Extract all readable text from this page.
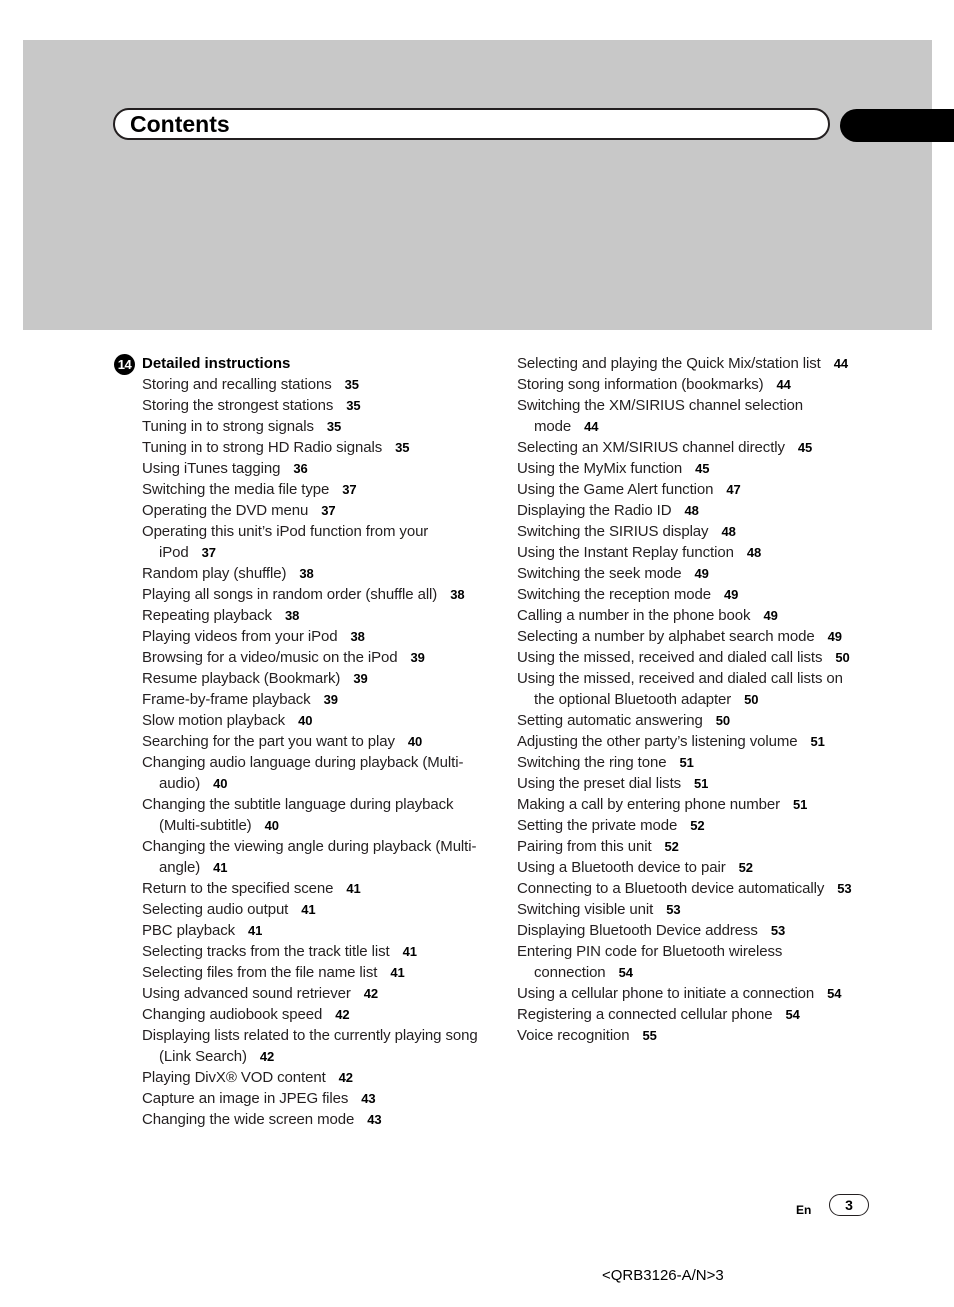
Contents
14 Detailed instructions
Storing and recalling stations 35
Storing the strongest stations 35
Tuning in to strong signals 35
Tuning in to strong HD Radio signals 35
Using iTunes tagging 36
Switching the media file type 37
Operating the DVD menu 37
Operating this unit’s iPod function from your iPod 37
Random play (shuffle) 38
Playing all songs in random order (shuffle all) 38
Repeating playback 38
Playing videos from your iPod 38
Browsing for a video/music on the iPod 39
Resume playback (Bookmark) 39
Frame-by-frame playback 39
Slow motion playback 40
Searching for the part you want to play 40
Changing audio language during playback (Multi-audio) 40
Changing the subtitle language during playback (Multi-subtitle) 40
Changing the viewing angle during playback (Multi-angle) 41
Return to the specified scene 41
Selecting audio output 41
PBC playback 41
Selecting tracks from the track title list 41
Selecting files from the file name list 41
Using advanced sound retriever 42
Changing audiobook speed 42
Displaying lists related to the currently playing song (Link Search) 42
Playing DivX® VOD content 42
Capture an image in JPEG files 43
Changing the wide screen mode 43
Selecting and playing the Quick Mix/station list 44
Storing song information (bookmarks) 44
Switching the XM/SIRIUS channel selection mode 44
Selecting an XM/SIRIUS channel directly 45
Using the MyMix function 45
Using the Game Alert function 47
Displaying the Radio ID 48
Switching the SIRIUS display 48
Using the Instant Replay function 48
Switching the seek mode 49
Switching the reception mode 49
Calling a number in the phone book 49
Selecting a number by alphabet search mode 49
Using the missed, received and dialed call lists 50
Using the missed, received and dialed call lists on the optional Bluetooth adapter 50
Setting automatic answering 50
Adjusting the other party’s listening volume 51
Switching the ring tone 51
Using the preset dial lists 51
Making a call by entering phone number 51
Setting the private mode 52
Pairing from this unit 52
Using a Bluetooth device to pair 52
Connecting to a Bluetooth device automatically 53
Switching visible unit 53
Displaying Bluetooth Device address 53
Entering PIN code for Bluetooth wireless connection 54
Using a cellular phone to initiate a connection 54
Registering a connected cellular phone 54
Voice recognition 55
En	3
<QRB3126-A/N>3
